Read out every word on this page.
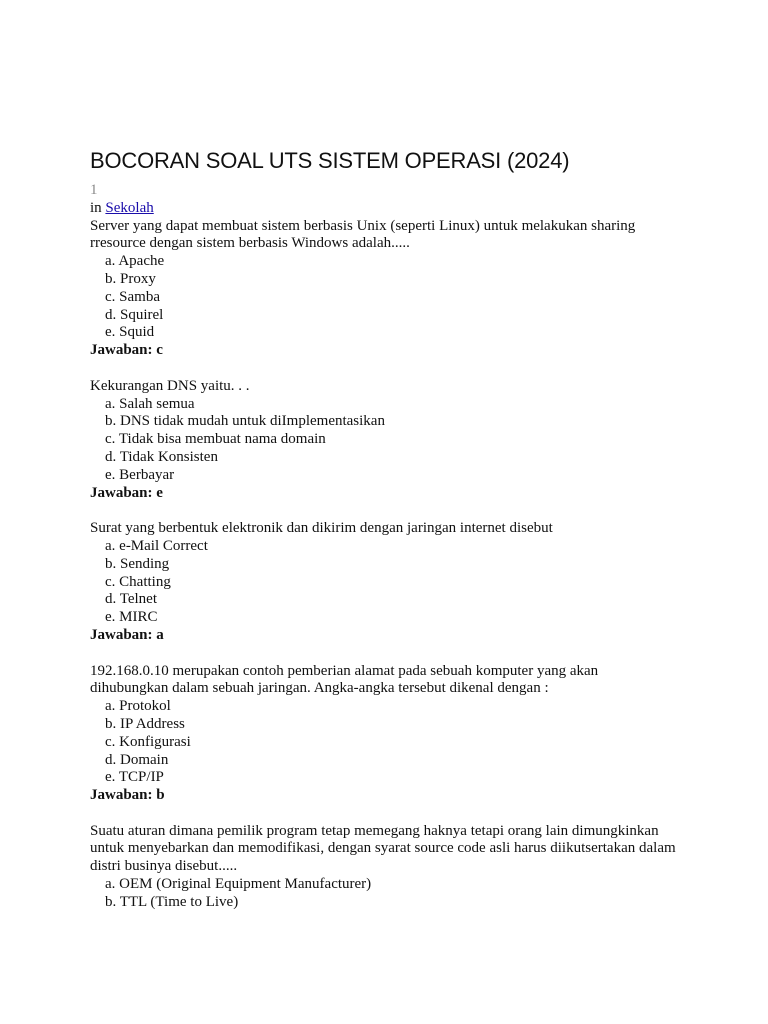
BOCORAN SOAL UTS SISTEM OPERASI (2024)

1

in Sekolah

Server yang dapat membuat sistem berbasis Unix (seperti Linux) untuk melakukan sharing rresource dengan sistem berbasis Windows adalah.....

a. Apache
b. Proxy
c. Samba
d. Squirel
e. Squid

Jawaban: c

Kekurangan DNS yaitu. . .

a. Salah semua
b. DNS tidak mudah untuk diImplementasikan
c. Tidak bisa membuat nama domain
d. Tidak Konsisten
e. Berbayar

Jawaban: e

Surat yang berbentuk elektronik dan dikirim dengan jaringan internet disebut

a. e-Mail Correct
b. Sending
c. Chatting
d. Telnet
e. MIRC

Jawaban: a

192.168.0.10 merupakan contoh pemberian alamat pada sebuah komputer yang akan dihubungkan dalam sebuah jaringan. Angka-angka tersebut dikenal dengan :

a. Protokol
b. IP Address
c. Konfigurasi
d. Domain
e. TCP/IP

Jawaban: b

Suatu aturan dimana pemilik program tetap memegang haknya tetapi orang lain dimungkinkan untuk menyebarkan dan memodifikasi, dengan syarat source code asli harus diikutsertakan dalam distri businya disebut.....

a. OEM (Original Equipment Manufacturer)
b. TTL (Time to Live)
